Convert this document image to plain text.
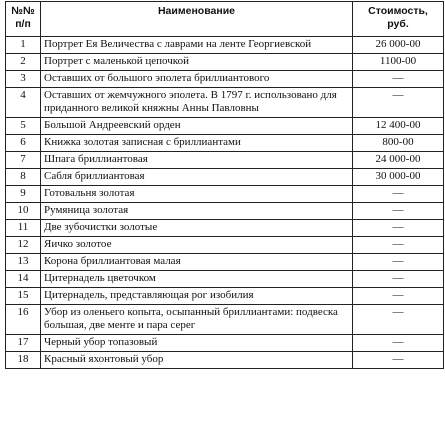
№№
п/п	Наименование	Стоимость,
руб.
1	Портрет Ея Величества с лаврами на ленте Георгиевской	26 000-00
2	Портрет с маленькой цепочкой	1100-00
3	Оставших от большого эполета бриллиантового	—
4	Оставших от жемчужного эполета. В 1797 г. использовано для приданного великой княжны Анны Павловны	—
5	Большой Андреевский орден	12 400-00
6	Книжка золотая записная с бриллиантами	800-00
7	Шпага бриллиантовая	24 000-00
8	Сабля бриллиантовая	30 000-00
9	Готовальня золотая	—
10	Румяница золотая	—
11	Две зубочистки золотые	—
12	Яичко золотое	—
13	Корона бриллиантовая малая	—
14	Цитернадель цветочком	—
15	Цитернадель, представляющая рог изобилия	—
16	Убор из оленьего копыта, осыпанный бриллиантами: подвеска большая, две менте и пара серег	—
17	Черный убор топазовый	—
18	Красный яхонтовый убор	—
